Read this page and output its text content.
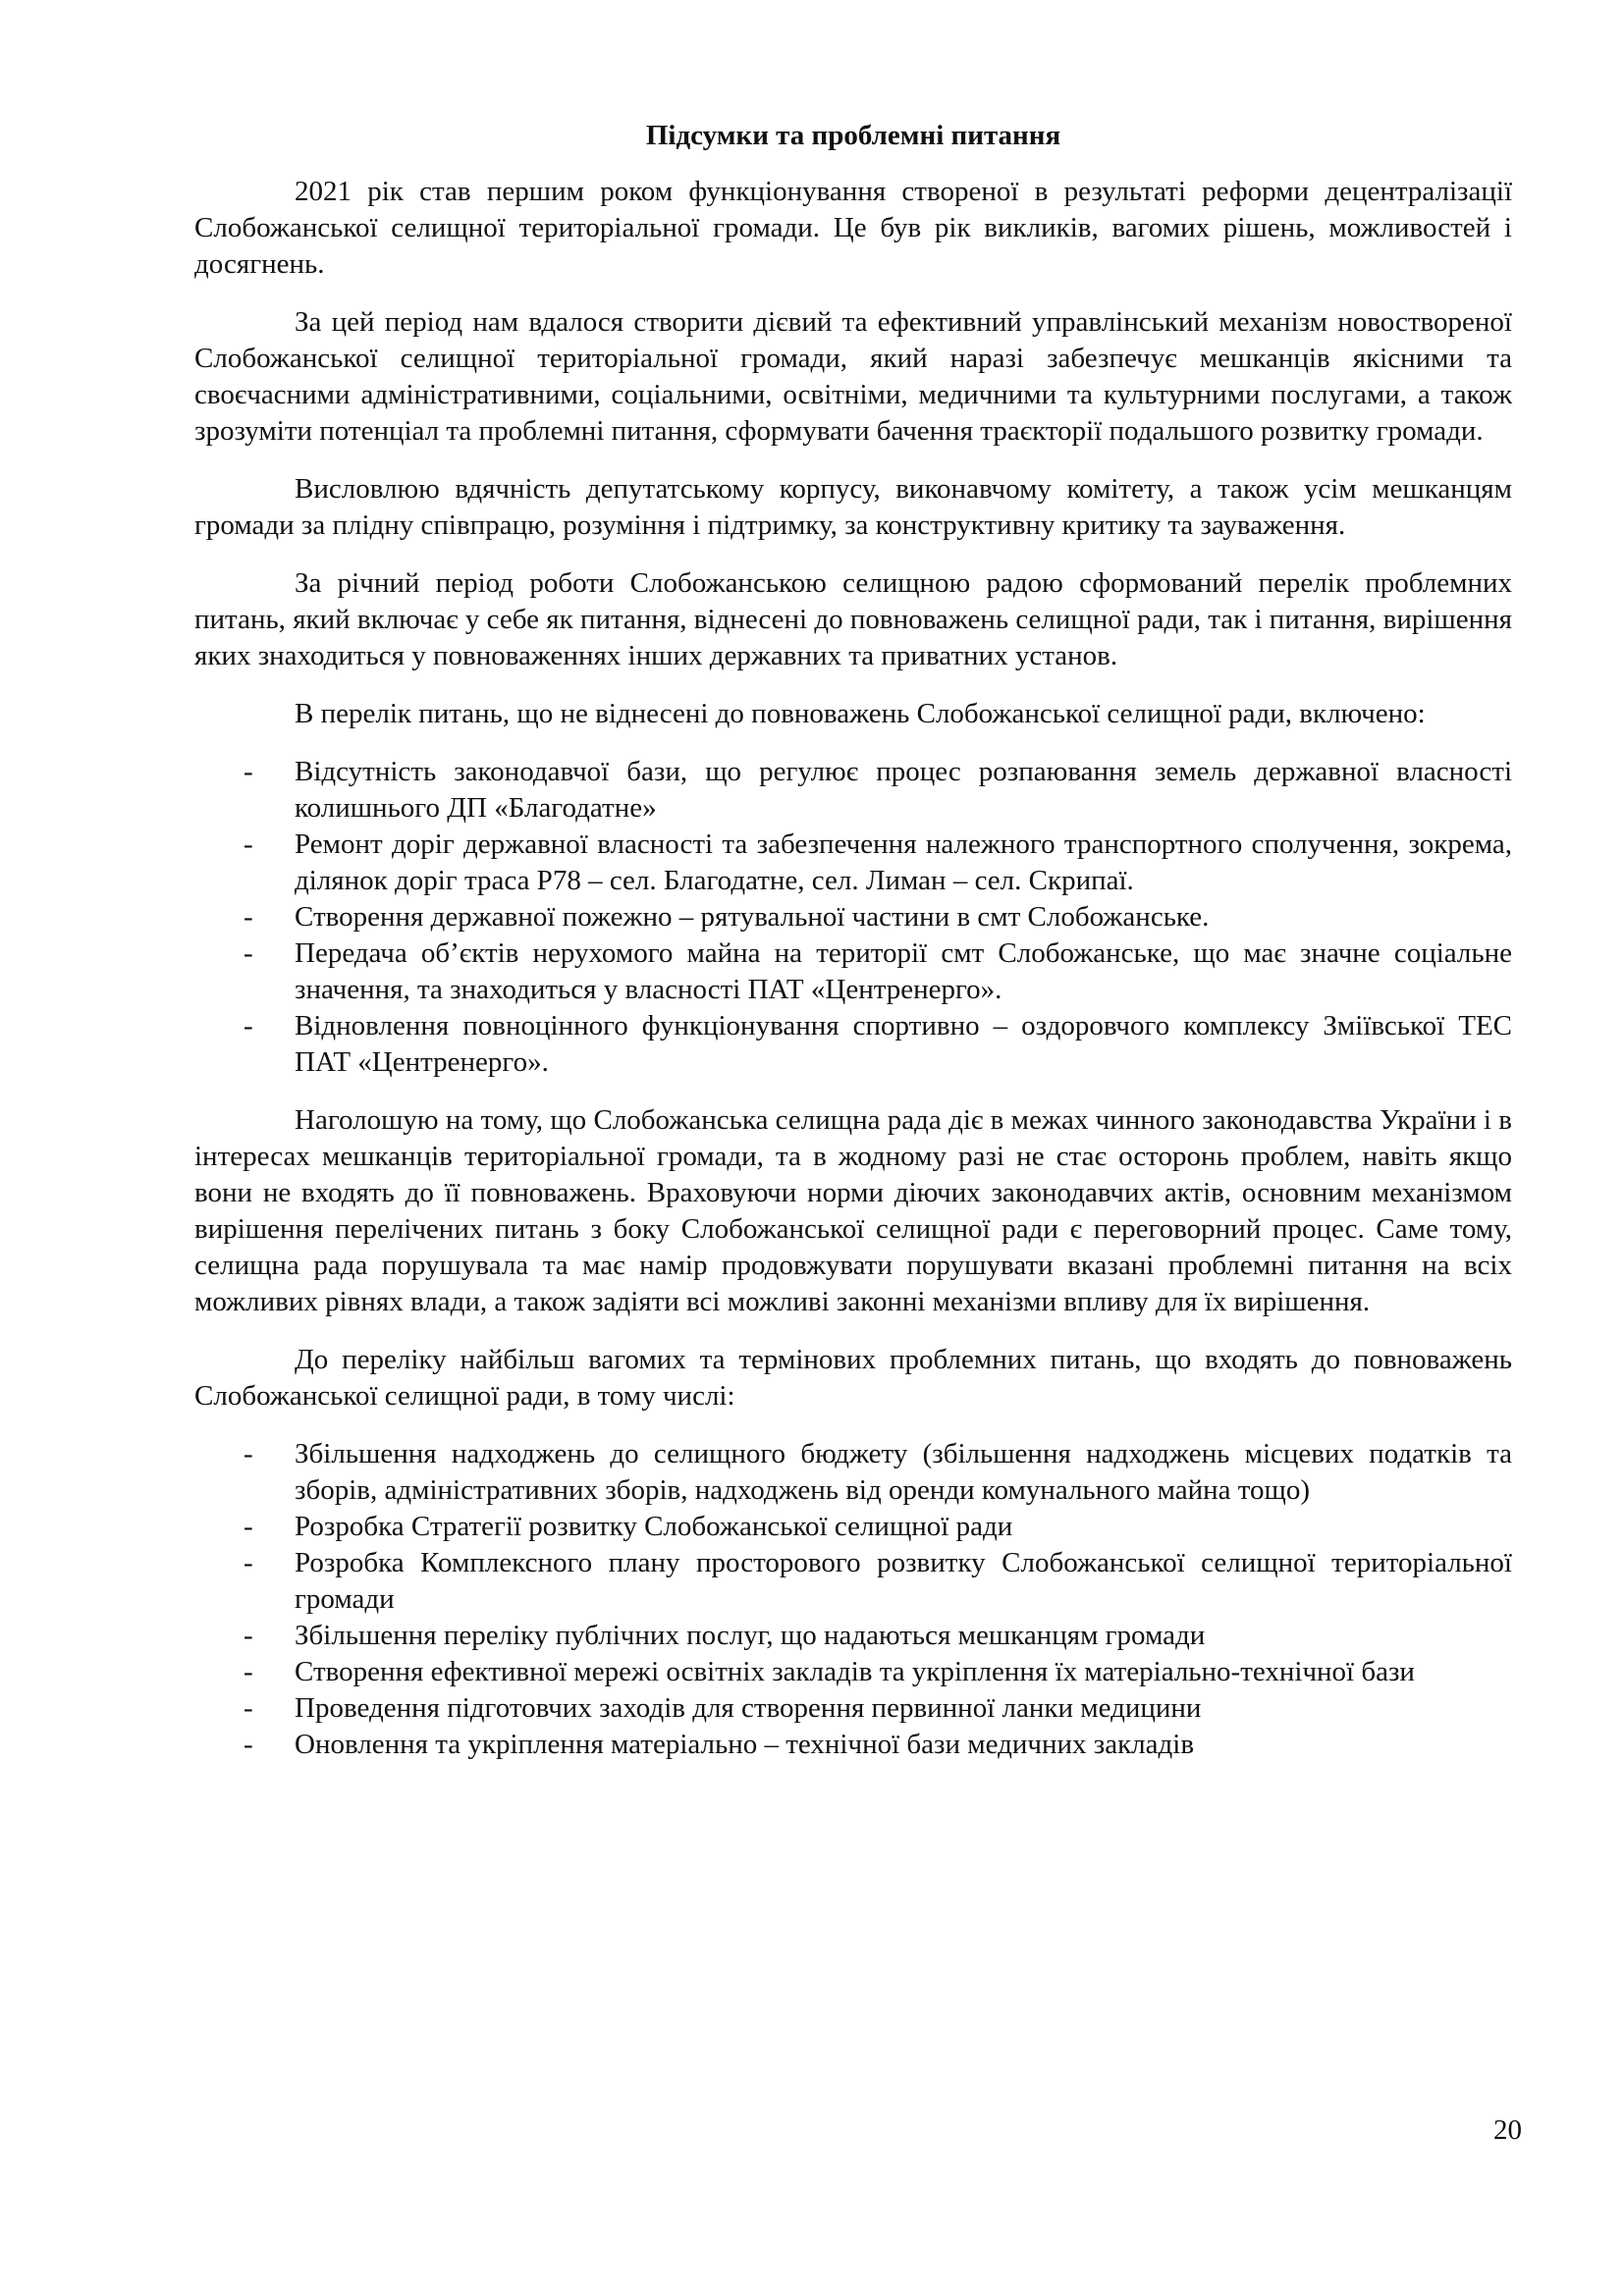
Підсумки та проблемні питання

2021 рік став першим роком функціонування створеної в результаті реформи децентралізації Слобожанської селищної територіальної громади. Це був рік викликів, вагомих рішень, можливостей і досягнень.

За цей період нам вдалося створити дієвий та ефективний управлінський механізм новоствореної Слобожанської селищної територіальної громади, який наразі забезпечує мешканців якісними та своєчасними адміністративними, соціальними, освітніми, медичними та культурними послугами, а також зрозуміти потенціал та проблемні питання, сформувати бачення траєкторії подальшого розвитку громади.

Висловлюю вдячність депутатському корпусу, виконавчому комітету, а також усім мешканцям громади за плідну співпрацю, розуміння і підтримку, за конструктивну критику та зауваження.

За річний період роботи Слобожанською селищною радою сформований перелік проблемних питань, який включає у себе як питання, віднесені до повноважень селищної ради, так і питання, вирішення яких знаходиться у повноваженнях інших державних та приватних установ.

В перелік питань, що не віднесені до повноважень Слобожанської селищної ради, включено:

- Відсутність законодавчої бази, що регулює процес розпаювання земель державної власності колишнього ДП «Благодатне»
- Ремонт доріг державної власності та забезпечення належного транспортного сполучення, зокрема, ділянок доріг траса Р78 – сел. Благодатне, сел. Лиман – сел. Скрипаї.
- Створення державної пожежно – рятувальної частини в смт Слобожанське.
- Передача об’єктів нерухомого майна на території смт Слобожанське, що має значне соціальне значення, та знаходиться у власності ПАТ «Центренерго».
- Відновлення повноцінного функціонування спортивно – оздоровчого комплексу Зміївської ТЕС ПАТ «Центренерго».

Наголошую на тому, що Слобожанська селищна рада діє в межах чинного законодавства України і в інтересах мешканців територіальної громади, та в жодному разі не стає осторонь проблем, навіть якщо вони не входять до її повноважень. Враховуючи норми діючих законодавчих актів, основним механізмом вирішення перелічених питань з боку Слобожанської селищної ради є переговорний процес. Саме тому, селищна рада порушувала та має намір продовжувати порушувати вказані проблемні питання на всіх можливих рівнях влади, а також задіяти всі можливі законні механізми впливу для їх вирішення.

До переліку найбільш вагомих та термінових проблемних питань, що входять до повноважень Слобожанської селищної ради, в тому числі:

- Збільшення надходжень до селищного бюджету (збільшення надходжень місцевих податків та зборів, адміністративних зборів, надходжень від оренди комунального майна тощо)
- Розробка Стратегії розвитку Слобожанської селищної ради
- Розробка Комплексного плану просторового розвитку Слобожанської селищної територіальної громади
- Збільшення переліку публічних послуг, що надаються мешканцям громади
- Створення ефективної мережі освітніх закладів та укріплення їх матеріально-технічної бази
- Проведення підготовчих заходів для створення первинної ланки медицини
- Оновлення та укріплення матеріально – технічної бази медичних закладів
20
